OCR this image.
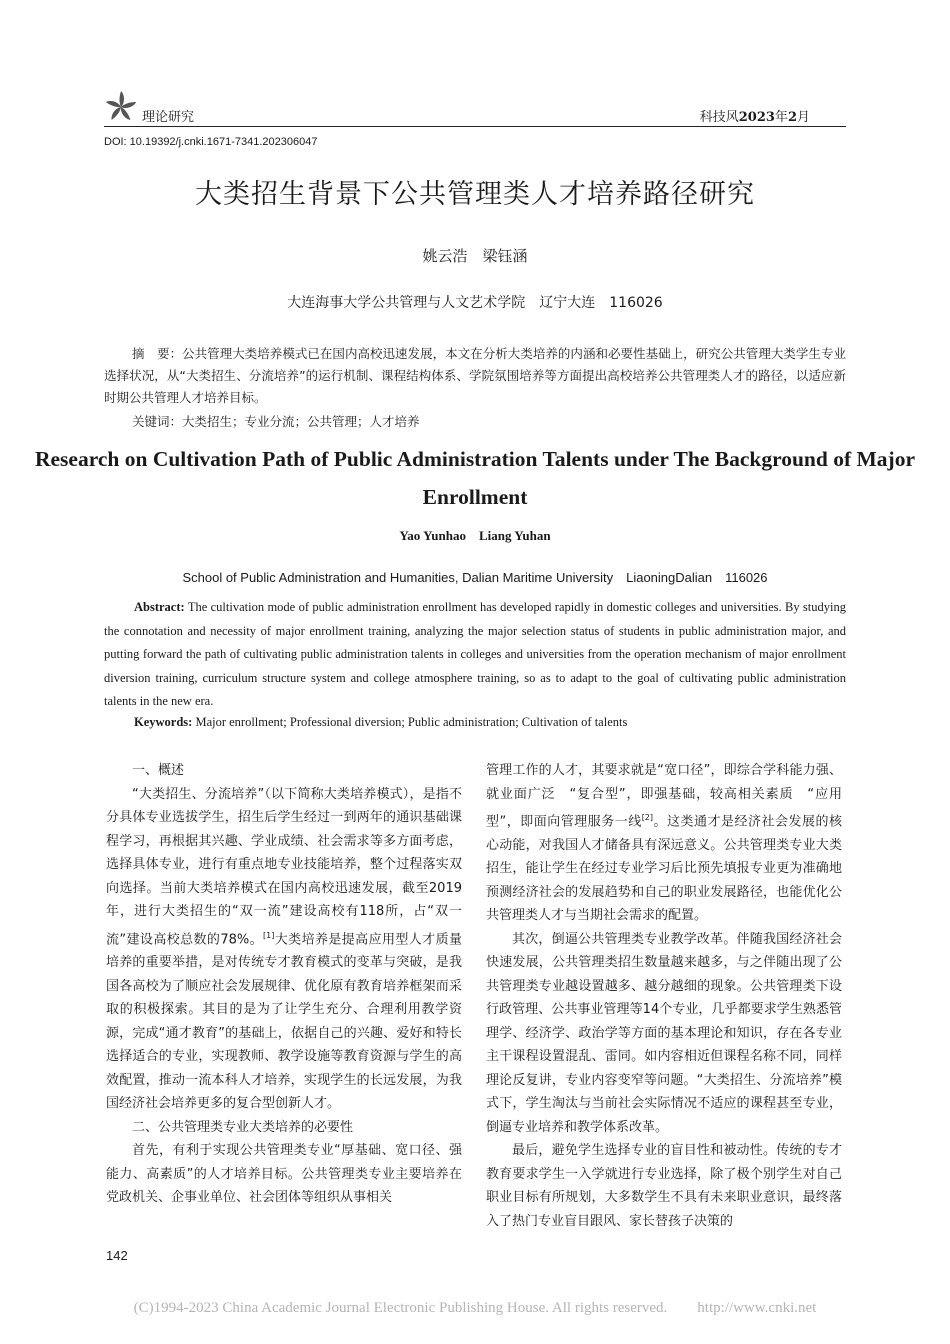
理论研究	科技风2023年2月
DOI: 10.19392/j.cnki.1671-7341.202306047
大类招生背景下公共管理类人才培养路径研究
姚云浩　梁钰涵
大连海事大学公共管理与人文艺术学院　辽宁大连　116026
摘　要：公共管理大类培养模式已在国内高校迅速发展，本文在分析大类培养的内涵和必要性基础上，研究公共管理大类学生专业选择状况，从“大类招生、分流培养”的运行机制、课程结构体系、学院氛围培养等方面提出高校培养公共管理类人才的路径，以适应新时期公共管理人才培养目标。
关键词：大类招生；专业分流；公共管理；人才培养
Research on Cultivation Path of Public Administration Talents under The Background of Major Enrollment
Yao Yunhao　Liang Yuhan
School of Public Administration and Humanities, Dalian Maritime University　LiaoningDalian　116026
Abstract: The cultivation mode of public administration enrollment has developed rapidly in domestic colleges and universities. By studying the connotation and necessity of major enrollment training, analyzing the major selection status of students in public administration major, and putting forward the path of cultivating public administration talents in colleges and universities from the operation mechanism of major enrollment diversion training, curriculum structure system and college atmosphere training, so as to adapt to the goal of cultivating public administration talents in the new era.
Keywords: Major enrollment; Professional diversion; Public administration; Cultivation of talents

一、概述

“大类招生、分流培养”（以下简称大类培养模式），是指不分具体专业选拔学生，招生后学生经过一到两年的通识基础课程学习，再根据其兴趣、学业成绩、社会需求等多方面考虑，选择具体专业，进行有重点地专业技能培养，整个过程落实双向选择。当前大类培养模式在国内高校迅速发展，截至2019年，进行大类招生的“双一流”建设高校有118所，占“双一流”建设高校总数的78%。[1]大类培养是提高应用型人才质量培养的重要举措，是对传统专才教育模式的变革与突破，是我国各高校为了顺应社会发展规律、优化原有教育培养框架而采取的积极探索。其目的是为了让学生充分、合理利用教学资源，完成“通才教育”的基础上，依据自己的兴趣、爱好和特长选择适合的专业，实现教师、教学设施等教育资源与学生的高效配置，推动一流本科人才培养，实现学生的长远发展，为我国经济社会培养更多的复合型创新人才。

二、公共管理类专业大类培养的必要性

首先，有利于实现公共管理类专业“厚基础、宽口径、强能力、高素质”的人才培养目标。公共管理类专业主要培养在党政机关、企事业单位、社会团体等组织从事相关

管理工作的人才，其要求就是“宽口径”，即综合学科能力强、就业面广泛　“复合型”，即强基础，较高相关素质　“应用型”，即面向管理服务一线[2]。这类通才是经济社会发展的核心动能，对我国人才储备具有深远意义。公共管理类专业大类招生，能让学生在经过专业学习后比预先填报专业更为准确地预测经济社会的发展趋势和自己的职业发展路径，也能优化公共管理类人才与当期社会需求的配置。

其次，倒逼公共管理类专业教学改革。伴随我国经济社会快速发展，公共管理类招生数量越来越多，与之伴随出现了公共管理类专业越设置越多、越分越细的现象。公共管理类下设行政管理、公共事业管理等14个专业，几乎都要求学生熟悉管理学、经济学、政治学等方面的基本理论和知识，存在各专业主干课程设置混乱、雷同。如内容相近但课程名称不同，同样理论反复讲，专业内容变窄等问题。“大类招生、分流培养”模式下，学生淘汰与当前社会实际情况不适应的课程甚至专业，倒逼专业培养和教学体系改革。

最后，避免学生选择专业的盲目性和被动性。传统的专才教育要求学生一入学就进行专业选择，除了极个别学生对自己职业目标有所规划，大多数学生不具有未来职业意识，最终落入了热门专业盲目跟风、家长替孩子决策的

142
(C)1994-2023 China Academic Journal Electronic Publishing House. All rights reserved.　　http://www.cnki.net
